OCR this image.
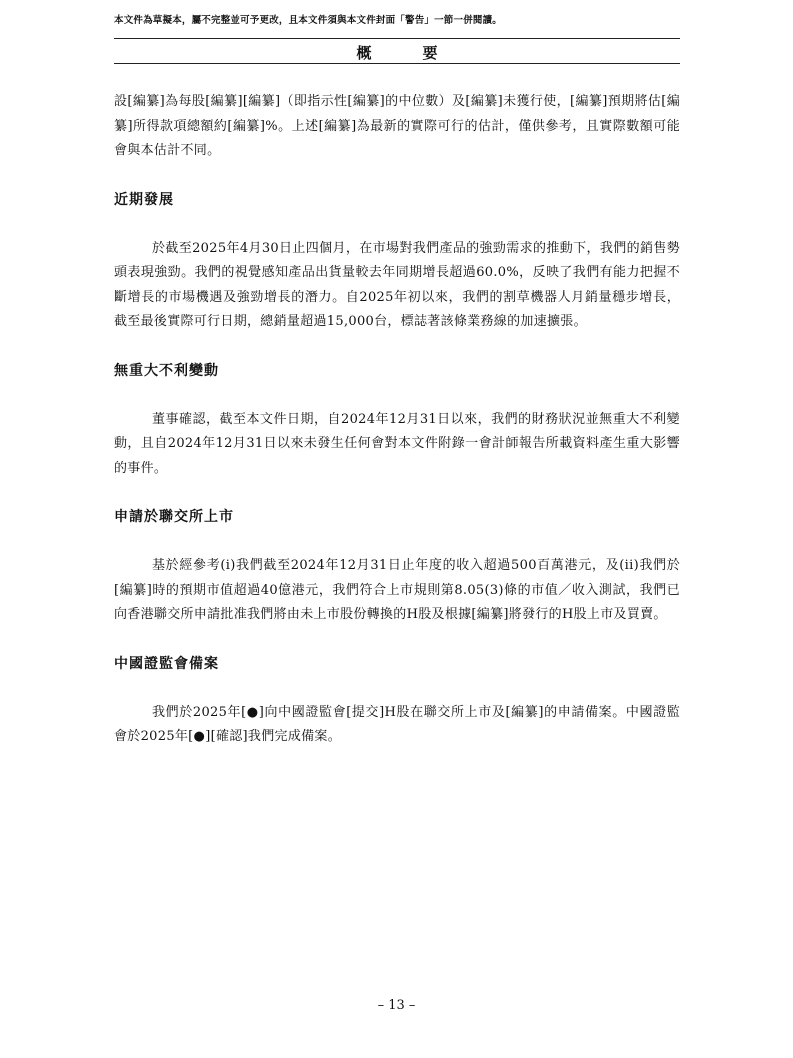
本文件為草擬本，屬不完整並可予更改，且本文件須與本文件封面「警告」一節一併閱讀。
概　要

設[編纂]為每股[編纂][編纂]（即指示性[編纂]的中位數）及[編纂]未獲行使，[編纂]預期將估[編纂]所得款項總額約[編纂]%。上述[編纂]為最新的實際可行的估計，僅供參考，且實際數額可能會與本估計不同。

近期發展

於截至2025年4月30日止四個月，在市場對我們產品的強勁需求的推動下，我們的銷售勢頭表現強勁。我們的視覺感知產品出貨量較去年同期增長超過60.0%，反映了我們有能力把握不斷增長的市場機遇及強勁增長的潛力。自2025年初以來，我們的割草機器人月銷量穩步增長，截至最後實際可行日期，總銷量超過15,000台，標誌著該條業務線的加速擴張。

無重大不利變動

董事確認，截至本文件日期，自2024年12月31日以來，我們的財務狀況並無重大不利變動，且自2024年12月31日以來未發生任何會對本文件附錄一會計師報告所載資料產生重大影響的事件。

申請於聯交所上市

基於經參考(i)我們截至2024年12月31日止年度的收入超過500百萬港元，及(ii)我們於[編纂]時的預期市值超過40億港元，我們符合上市規則第8.05(3)條的市值／收入測試，我們已向香港聯交所申請批准我們將由未上市股份轉換的H股及根據[編纂]將發行的H股上市及買賣。

中國證監會備案

我們於2025年[●]向中國證監會[提交]H股在聯交所上市及[編纂]的申請備案。中國證監會於2025年[●][確認]我們完成備案。

– 13 –
